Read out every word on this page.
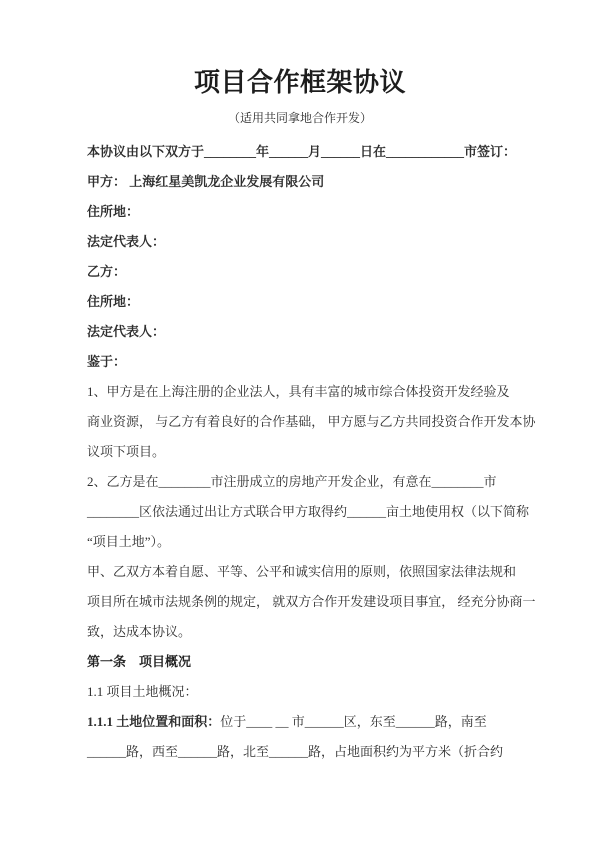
项目合作框架协议
（适用共同拿地合作开发）
本协议由以下双方于________年______月______日在____________市签订：
甲方： 上海红星美凯龙企业发展有限公司
住所地：
法定代表人：
乙方：
住所地：
法定代表人：
鉴于：
1、甲方是在上海注册的企业法人，具有丰富的城市综合体投资开发经验及
商业资源， 与乙方有着良好的合作基础， 甲方愿与乙方共同投资合作开发本协
议项下项目。
2、乙方是在________市注册成立的房地产开发企业，有意在________市
________区依法通过出让方式联合甲方取得约______亩土地使用权（以下简称
“项目土地”）。
甲、乙双方本着自愿、平等、公平和诚实信用的原则，依照国家法律法规和
项目所在城市法规条例的规定， 就双方合作开发建设项目事宜， 经充分协商一
致，达成本协议。
第一条　项目概况
1.1 项目土地概况：
1.1.1 土地位置和面积：位于____ __ 市______区，东至______路，南至
______路，西至______路，北至______路，占地面积约为平方米（折合约
